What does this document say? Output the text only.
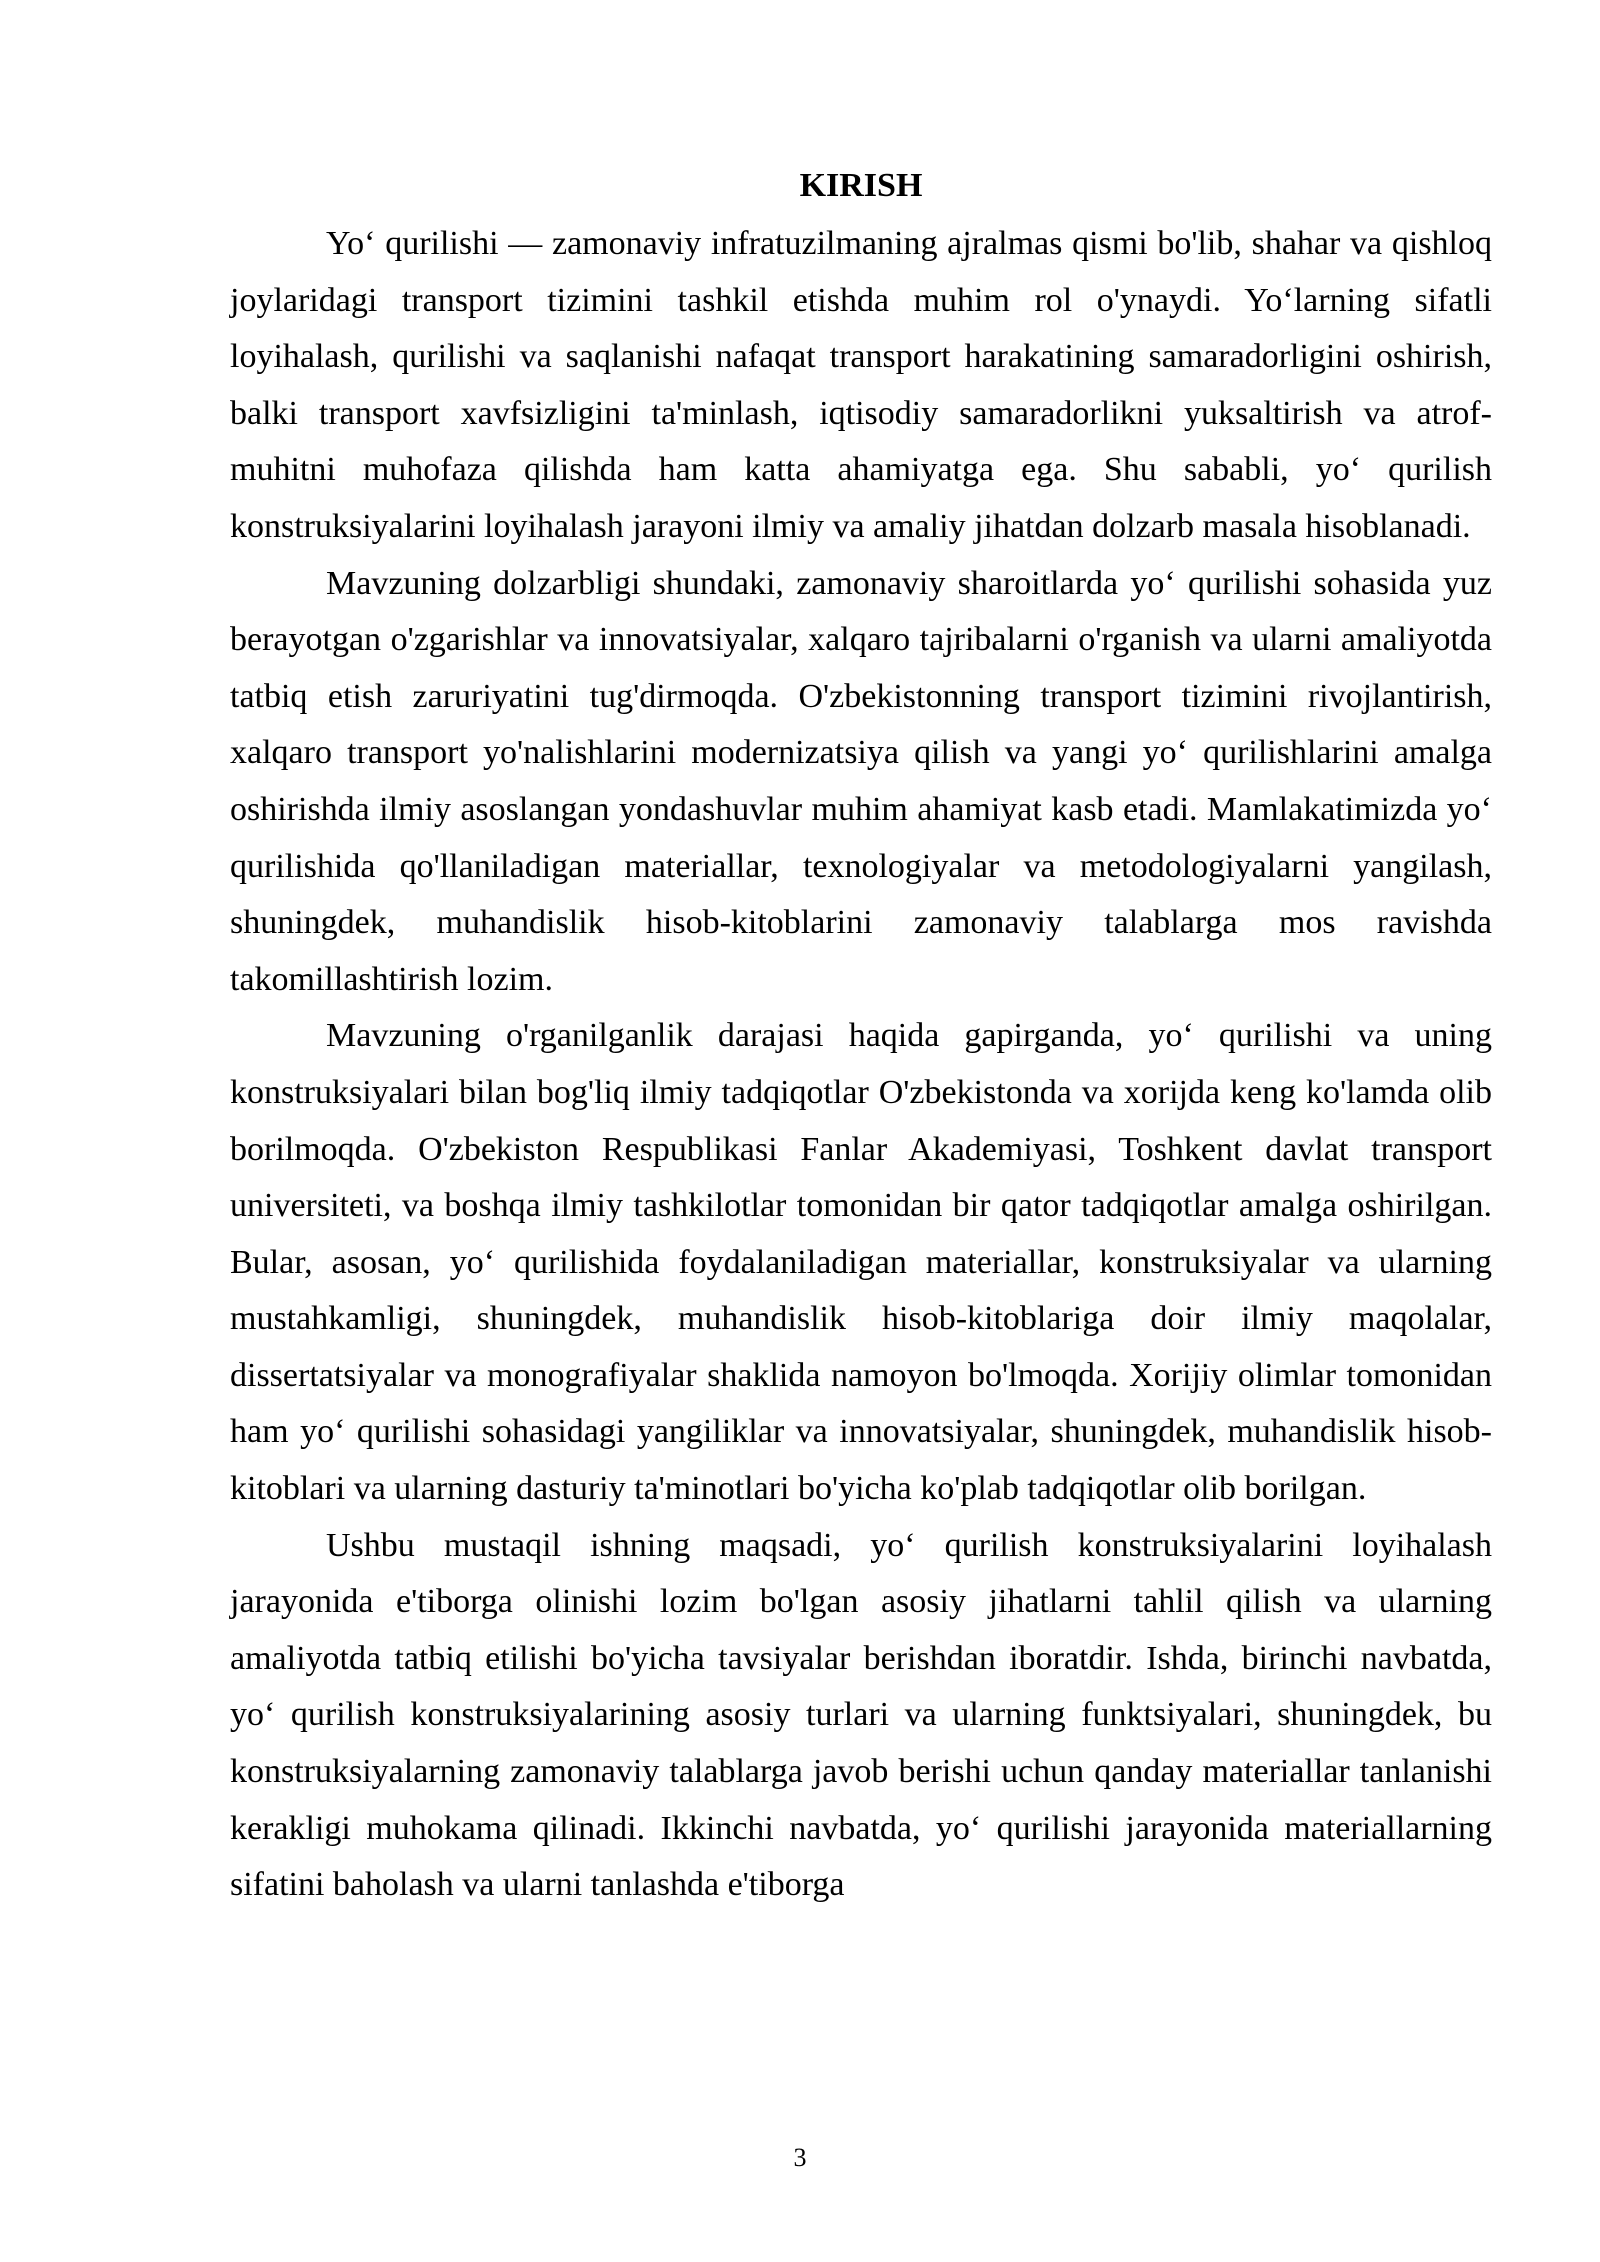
KIRISH

Yo‘ qurilishi — zamonaviy infratuzilmaning ajralmas qismi bo'lib, shahar va qishloq joylaridagi transport tizimini tashkil etishda muhim rol o'ynaydi. Yo‘larning sifatli loyihalash, qurilishi va saqlanishi nafaqat transport harakatining samaradorligini oshirish, balki transport xavfsizligini ta'minlash, iqtisodiy samaradorlikni yuksaltirish va atrof-muhitni muhofaza qilishda ham katta ahamiyatga ega. Shu sababli, yo‘ qurilish konstruksiyalarini loyihalash jarayoni ilmiy va amaliy jihatdan dolzarb masala hisoblanadi.

Mavzuning dolzarbligi shundaki, zamonaviy sharoitlarda yo‘ qurilishi sohasida yuz berayotgan o'zgarishlar va innovatsiyalar, xalqaro tajribalarni o'rganish va ularni amaliyotda tatbiq etish zaruriyatini tug'dirmoqda. O'zbekistonning transport tizimini rivojlantirish, xalqaro transport yo'nalishlarini modernizatsiya qilish va yangi yo‘ qurilishlarini amalga oshirishda ilmiy asoslangan yondashuvlar muhim ahamiyat kasb etadi. Mamlakatimizda yo‘ qurilishida qo'llaniladigan materiallar, texnologiyalar va metodologiyalarni yangilash, shuningdek, muhandislik hisob-kitoblarini zamonaviy talablarga mos ravishda takomillashtirish lozim.

Mavzuning o'rganilganlik darajasi haqida gapirganda, yo‘ qurilishi va uning konstruksiyalari bilan bog'liq ilmiy tadqiqotlar O'zbekistonda va xorijda keng ko'lamda olib borilmoqda. O'zbekiston Respublikasi Fanlar Akademiyasi, Toshkent davlat transport universiteti, va boshqa ilmiy tashkilotlar tomonidan bir qator tadqiqotlar amalga oshirilgan. Bular, asosan, yo‘ qurilishida foydalaniladigan materiallar, konstruksiyalar va ularning mustahkamligi, shuningdek, muhandislik hisob-kitoblariga doir ilmiy maqolalar, dissertatsiyalar va monografiyalar shaklida namoyon bo'lmoqda. Xorijiy olimlar tomonidan ham yo‘ qurilishi sohasidagi yangiliklar va innovatsiyalar, shuningdek, muhandislik hisob-kitoblari va ularning dasturiy ta'minotlari bo'yicha ko'plab tadqiqotlar olib borilgan.

Ushbu mustaqil ishning maqsadi, yo‘ qurilish konstruksiyalarini loyihalash jarayonida e'tiborga olinishi lozim bo'lgan asosiy jihatlarni tahlil qilish va ularning amaliyotda tatbiq etilishi bo'yicha tavsiyalar berishdan iboratdir. Ishda, birinchi navbatda, yo‘ qurilish konstruksiyalarining asosiy turlari va ularning funktsiyalari, shuningdek, bu konstruksiyalarning zamonaviy talablarga javob berishi uchun qanday materiallar tanlanishi kerakligi muhokama qilinadi. Ikkinchi navbatda, yo‘ qurilishi jarayonida materiallarning sifatini baholash va ularni tanlashda e'tiborga

3
